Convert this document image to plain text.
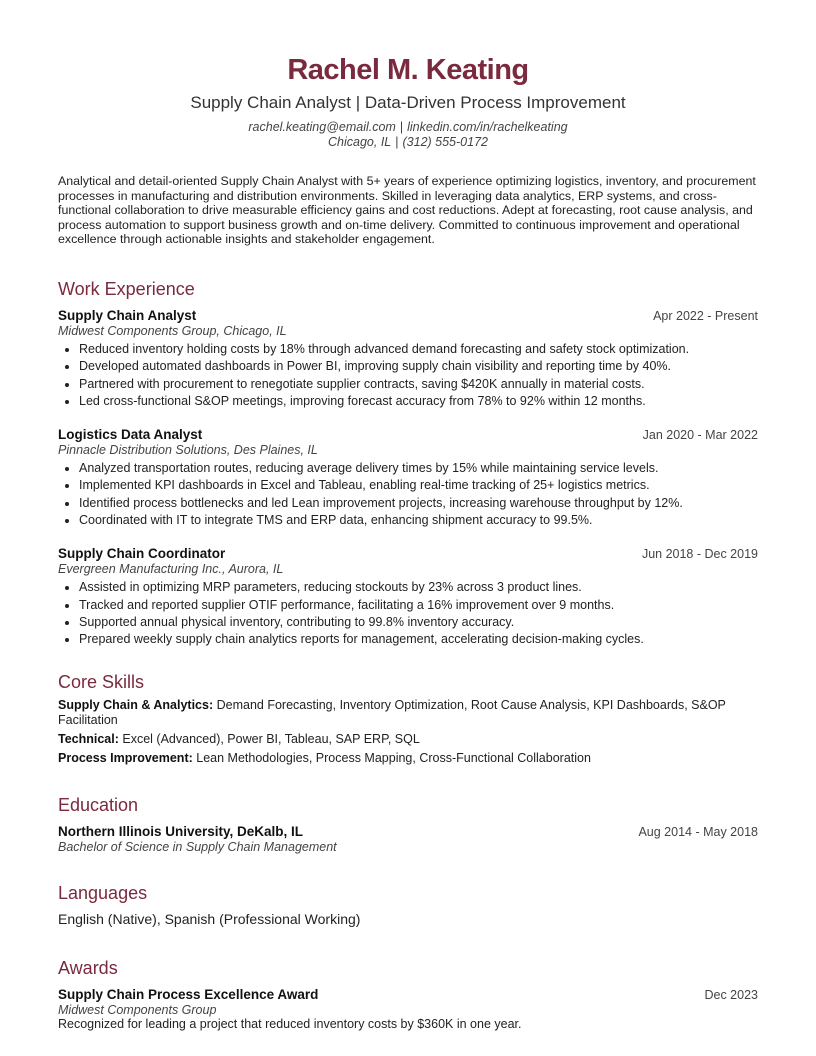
Rachel M. Keating
Supply Chain Analyst | Data-Driven Process Improvement
rachel.keating@email.com | linkedin.com/in/rachelkeating
Chicago, IL | (312) 555-0172
Analytical and detail-oriented Supply Chain Analyst with 5+ years of experience optimizing logistics, inventory, and procurement processes in manufacturing and distribution environments. Skilled in leveraging data analytics, ERP systems, and cross-functional collaboration to drive measurable efficiency gains and cost reductions. Adept at forecasting, root cause analysis, and process automation to support business growth and on-time delivery. Committed to continuous improvement and operational excellence through actionable insights and stakeholder engagement.
Work Experience
Supply Chain Analyst	Apr 2022 - Present
Midwest Components Group, Chicago, IL
• Reduced inventory holding costs by 18% through advanced demand forecasting and safety stock optimization.
• Developed automated dashboards in Power BI, improving supply chain visibility and reporting time by 40%.
• Partnered with procurement to renegotiate supplier contracts, saving $420K annually in material costs.
• Led cross-functional S&OP meetings, improving forecast accuracy from 78% to 92% within 12 months.
Logistics Data Analyst	Jan 2020 - Mar 2022
Pinnacle Distribution Solutions, Des Plaines, IL
• Analyzed transportation routes, reducing average delivery times by 15% while maintaining service levels.
• Implemented KPI dashboards in Excel and Tableau, enabling real-time tracking of 25+ logistics metrics.
• Identified process bottlenecks and led Lean improvement projects, increasing warehouse throughput by 12%.
• Coordinated with IT to integrate TMS and ERP data, enhancing shipment accuracy to 99.5%.
Supply Chain Coordinator	Jun 2018 - Dec 2019
Evergreen Manufacturing Inc., Aurora, IL
• Assisted in optimizing MRP parameters, reducing stockouts by 23% across 3 product lines.
• Tracked and reported supplier OTIF performance, facilitating a 16% improvement over 9 months.
• Supported annual physical inventory, contributing to 99.8% inventory accuracy.
• Prepared weekly supply chain analytics reports for management, accelerating decision-making cycles.
Core Skills
Supply Chain & Analytics: Demand Forecasting, Inventory Optimization, Root Cause Analysis, KPI Dashboards, S&OP Facilitation
Technical: Excel (Advanced), Power BI, Tableau, SAP ERP, SQL
Process Improvement: Lean Methodologies, Process Mapping, Cross-Functional Collaboration
Education
Northern Illinois University, DeKalb, IL	Aug 2014 - May 2018
Bachelor of Science in Supply Chain Management
Languages
English (Native), Spanish (Professional Working)
Awards
Supply Chain Process Excellence Award	Dec 2023
Midwest Components Group
Recognized for leading a project that reduced inventory costs by $360K in one year.
